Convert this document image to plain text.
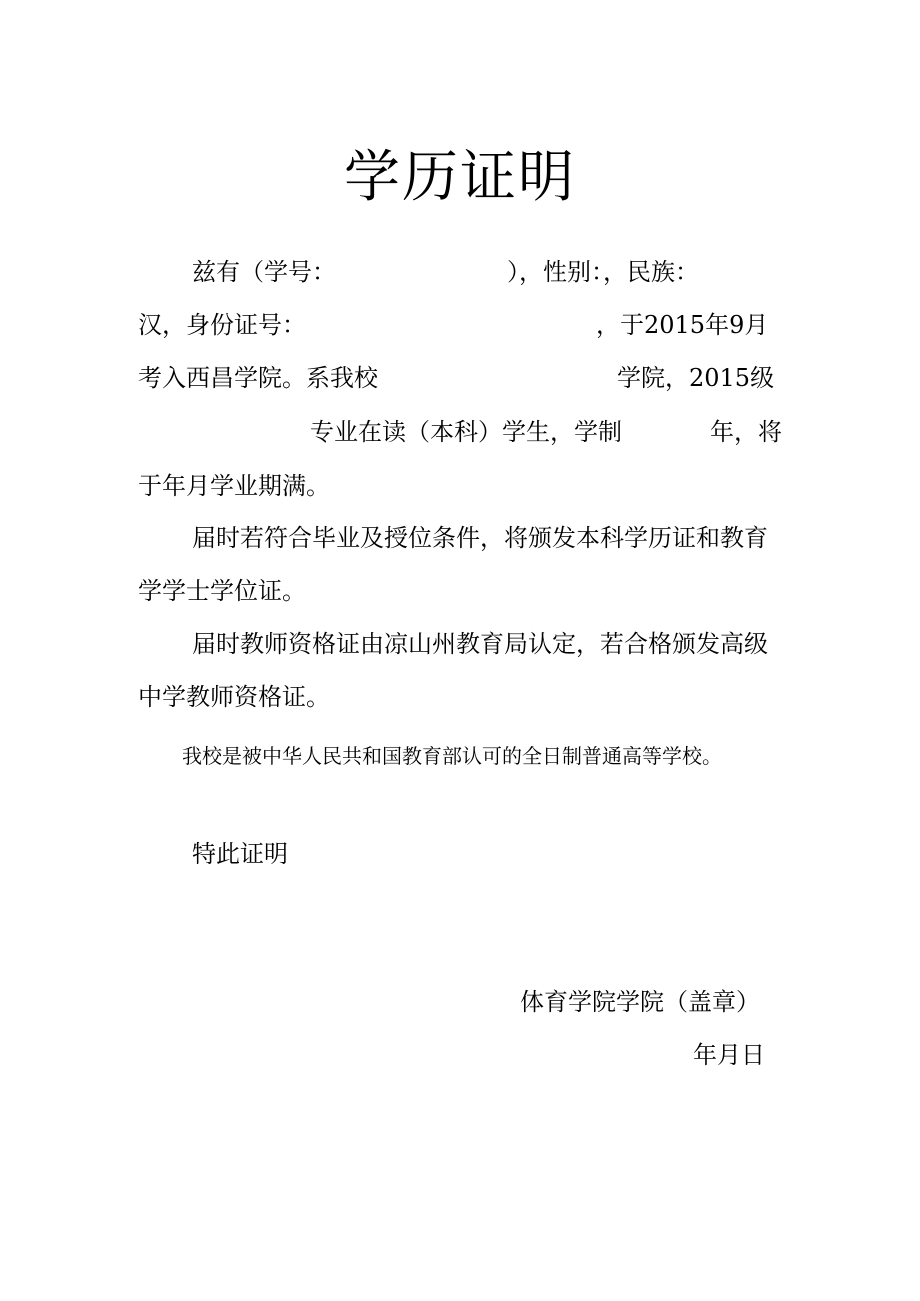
学历证明
兹有（学号：	），性别：，民族：
汉，身份证号：	，于2015年9月
考入西昌学院。系我校	学院，2015级
专业在读（本科）学生，学制	年，将
于年月学业期满。
届时若符合毕业及授位条件，将颁发本科学历证和教育
学学士学位证。
届时教师资格证由凉山州教育局认定，若合格颁发高级
中学教师资格证。
我校是被中华人民共和国教育部认可的全日制普通高等学校。
特此证明
体育学院学院（盖章）
年月日
